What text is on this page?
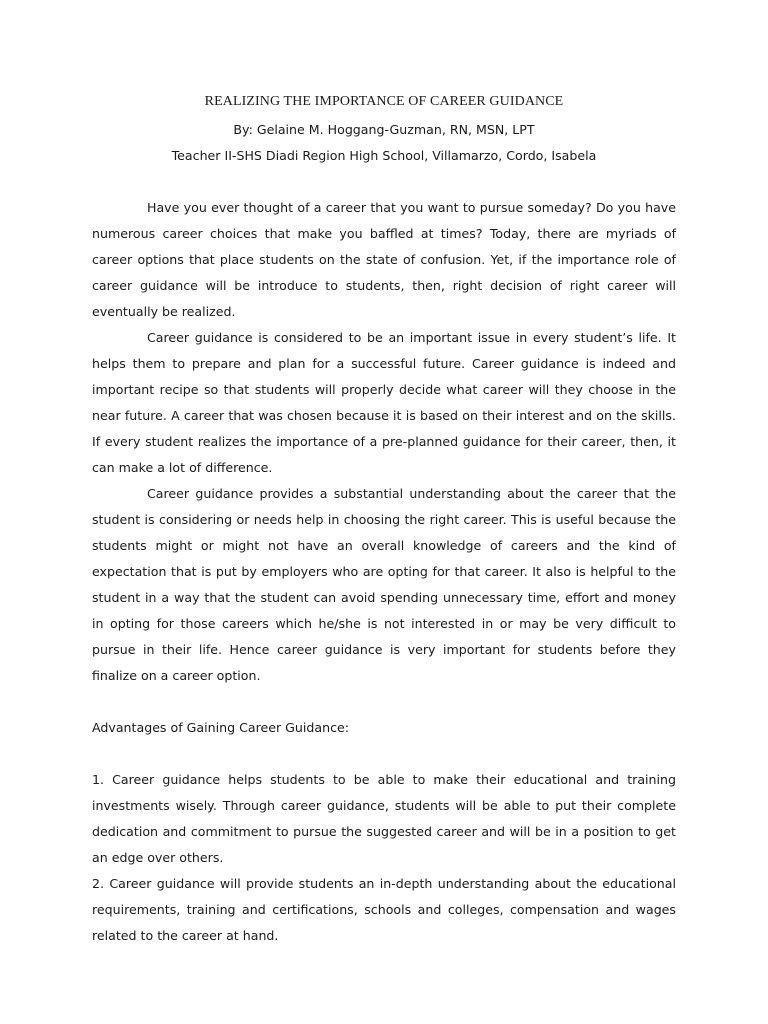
REALIZING THE IMPORTANCE OF CAREER GUIDANCE
By: Gelaine M. Hoggang-Guzman, RN, MSN, LPT
Teacher II-SHS Diadi Region High School, Villamarzo, Cordo, Isabela

Have you ever thought of a career that you want to pursue someday? Do you have numerous career choices that make you baffled at times? Today, there are myriads of career options that place students on the state of confusion. Yet, if the importance role of career guidance will be introduce to students, then, right decision of right career will eventually be realized.

Career guidance is considered to be an important issue in every student’s life. It helps them to prepare and plan for a successful future. Career guidance is indeed and important recipe so that students will properly decide what career will they choose in the near future. A career that was chosen because it is based on their interest and on the skills. If every student realizes the importance of a pre-planned guidance for their career, then, it can make a lot of difference.

Career guidance provides a substantial understanding about the career that the student is considering or needs help in choosing the right career. This is useful because the students might or might not have an overall knowledge of careers and the kind of expectation that is put by employers who are opting for that career. It also is helpful to the student in a way that the student can avoid spending unnecessary time, effort and money in opting for those careers which he/she is not interested in or may be very difficult to pursue in their life. Hence career guidance is very important for students before they finalize on a career option.

Advantages of Gaining Career Guidance:

1. Career guidance helps students to be able to make their educational and training investments wisely. Through career guidance, students will be able to put their complete dedication and commitment to pursue the suggested career and will be in a position to get an edge over others.

2. Career guidance will provide students an in-depth understanding about the educational requirements, training and certifications, schools and colleges, compensation and wages related to the career at hand.
